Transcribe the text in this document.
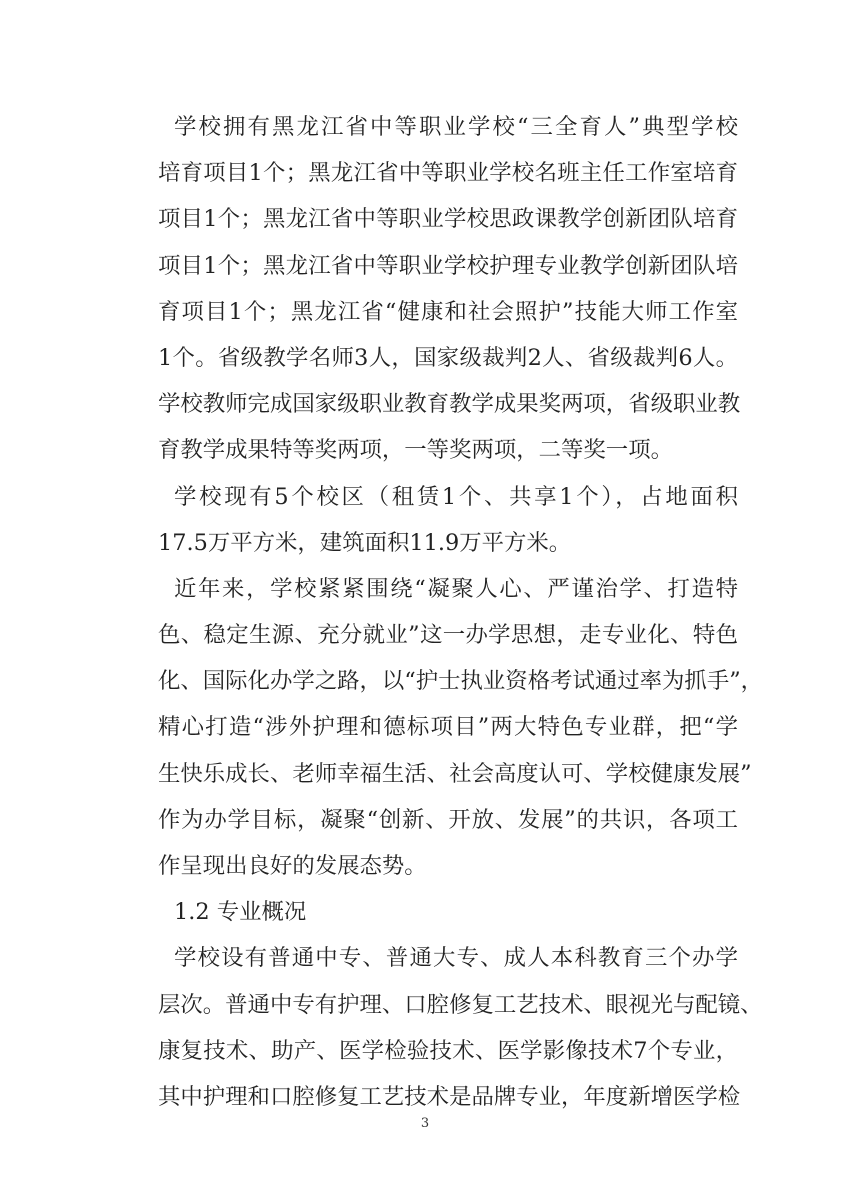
学校拥有黑龙江省中等职业学校“三全育人”典型学校
培育项目1个；黑龙江省中等职业学校名班主任工作室培育
项目1个；黑龙江省中等职业学校思政课教学创新团队培育
项目1个；黑龙江省中等职业学校护理专业教学创新团队培
育项目1个；黑龙江省“健康和社会照护”技能大师工作室
1个。省级教学名师3人，国家级裁判2人、省级裁判6人。
学校教师完成国家级职业教育教学成果奖两项，省级职业教
育教学成果特等奖两项，一等奖两项，二等奖一项。
学校现有5个校区（租赁1个、共享1个），占地面积
17.5万平方米，建筑面积11.9万平方米。
近年来，学校紧紧围绕“凝聚人心、严谨治学、打造特
色、稳定生源、充分就业”这一办学思想，走专业化、特色
化、国际化办学之路，以“护士执业资格考试通过率为抓手”，
精心打造“涉外护理和德标项目”两大特色专业群，把“学
生快乐成长、老师幸福生活、社会高度认可、学校健康发展”
作为办学目标，凝聚“创新、开放、发展”的共识，各项工
作呈现出良好的发展态势。
1.2 专业概况
学校设有普通中专、普通大专、成人本科教育三个办学
层次。普通中专有护理、口腔修复工艺技术、眼视光与配镜、
康复技术、助产、医学检验技术、医学影像技术7个专业，
其中护理和口腔修复工艺技术是品牌专业，年度新增医学检
3
